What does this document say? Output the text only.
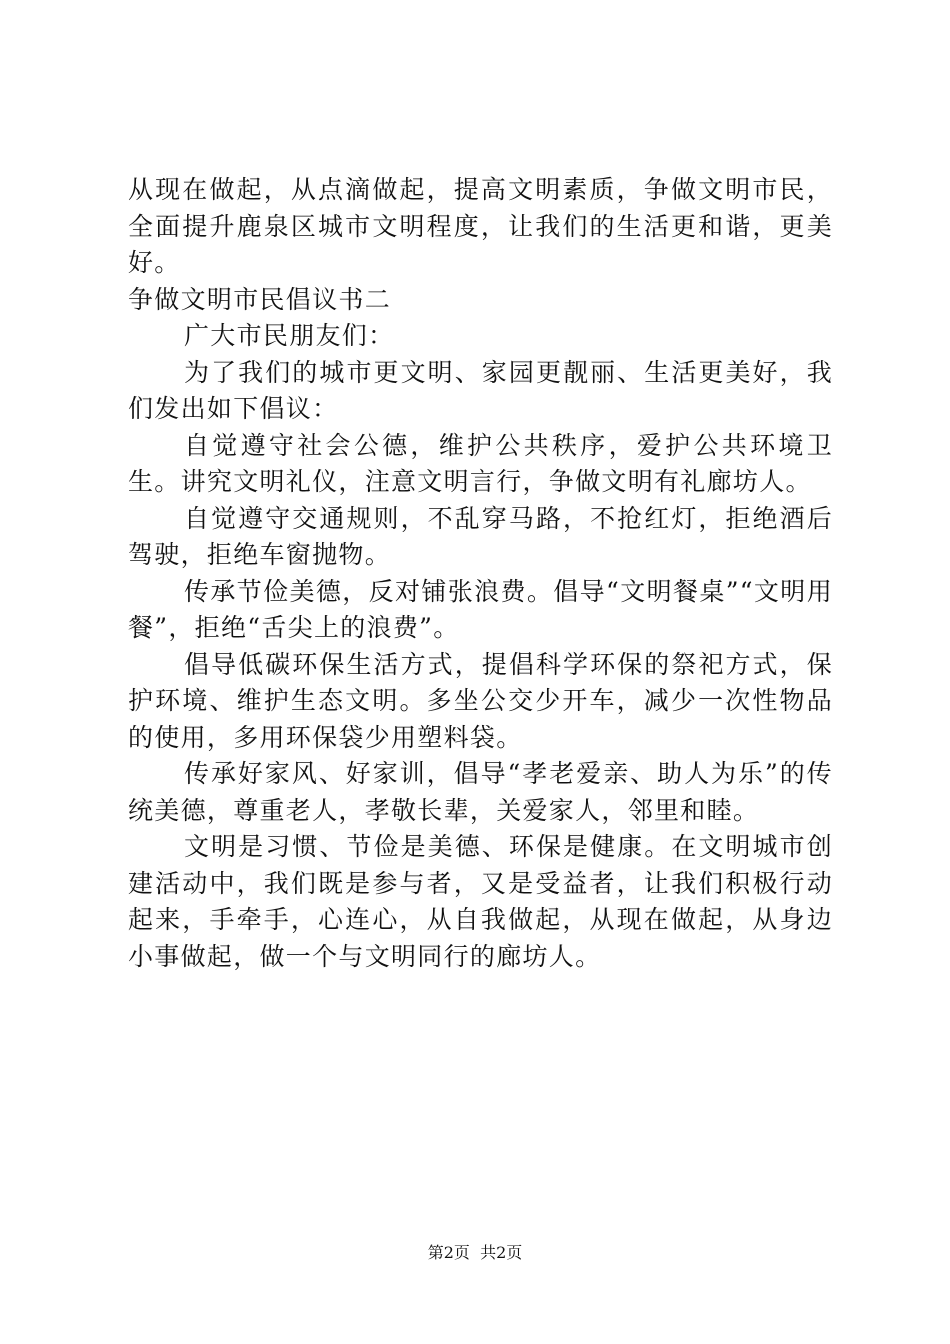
从现在做起，从点滴做起，提高文明素质，争做文明市民，全面提升鹿泉区城市文明程度，让我们的生活更和谐，更美好。

争做文明市民倡议书二

广大市民朋友们：

为了我们的城市更文明、家园更靓丽、生活更美好，我们发出如下倡议：

自觉遵守社会公德，维护公共秩序，爱护公共环境卫生。讲究文明礼仪，注意文明言行，争做文明有礼廊坊人。

自觉遵守交通规则，不乱穿马路，不抢红灯，拒绝酒后驾驶，拒绝车窗抛物。

传承节俭美德，反对铺张浪费。倡导“文明餐桌”“文明用餐”，拒绝“舌尖上的浪费”。

倡导低碳环保生活方式，提倡科学环保的祭祀方式，保护环境、维护生态文明。多坐公交少开车，减少一次性物品的使用，多用环保袋少用塑料袋。

传承好家风、好家训，倡导“孝老爱亲、助人为乐”的传统美德，尊重老人，孝敬长辈，关爱家人，邻里和睦。

文明是习惯、节俭是美德、环保是健康。在文明城市创建活动中，我们既是参与者，又是受益者，让我们积极行动起来，手牵手，心连心，从自我做起，从现在做起，从身边小事做起，做一个与文明同行的廊坊人。

第2页  共2页
